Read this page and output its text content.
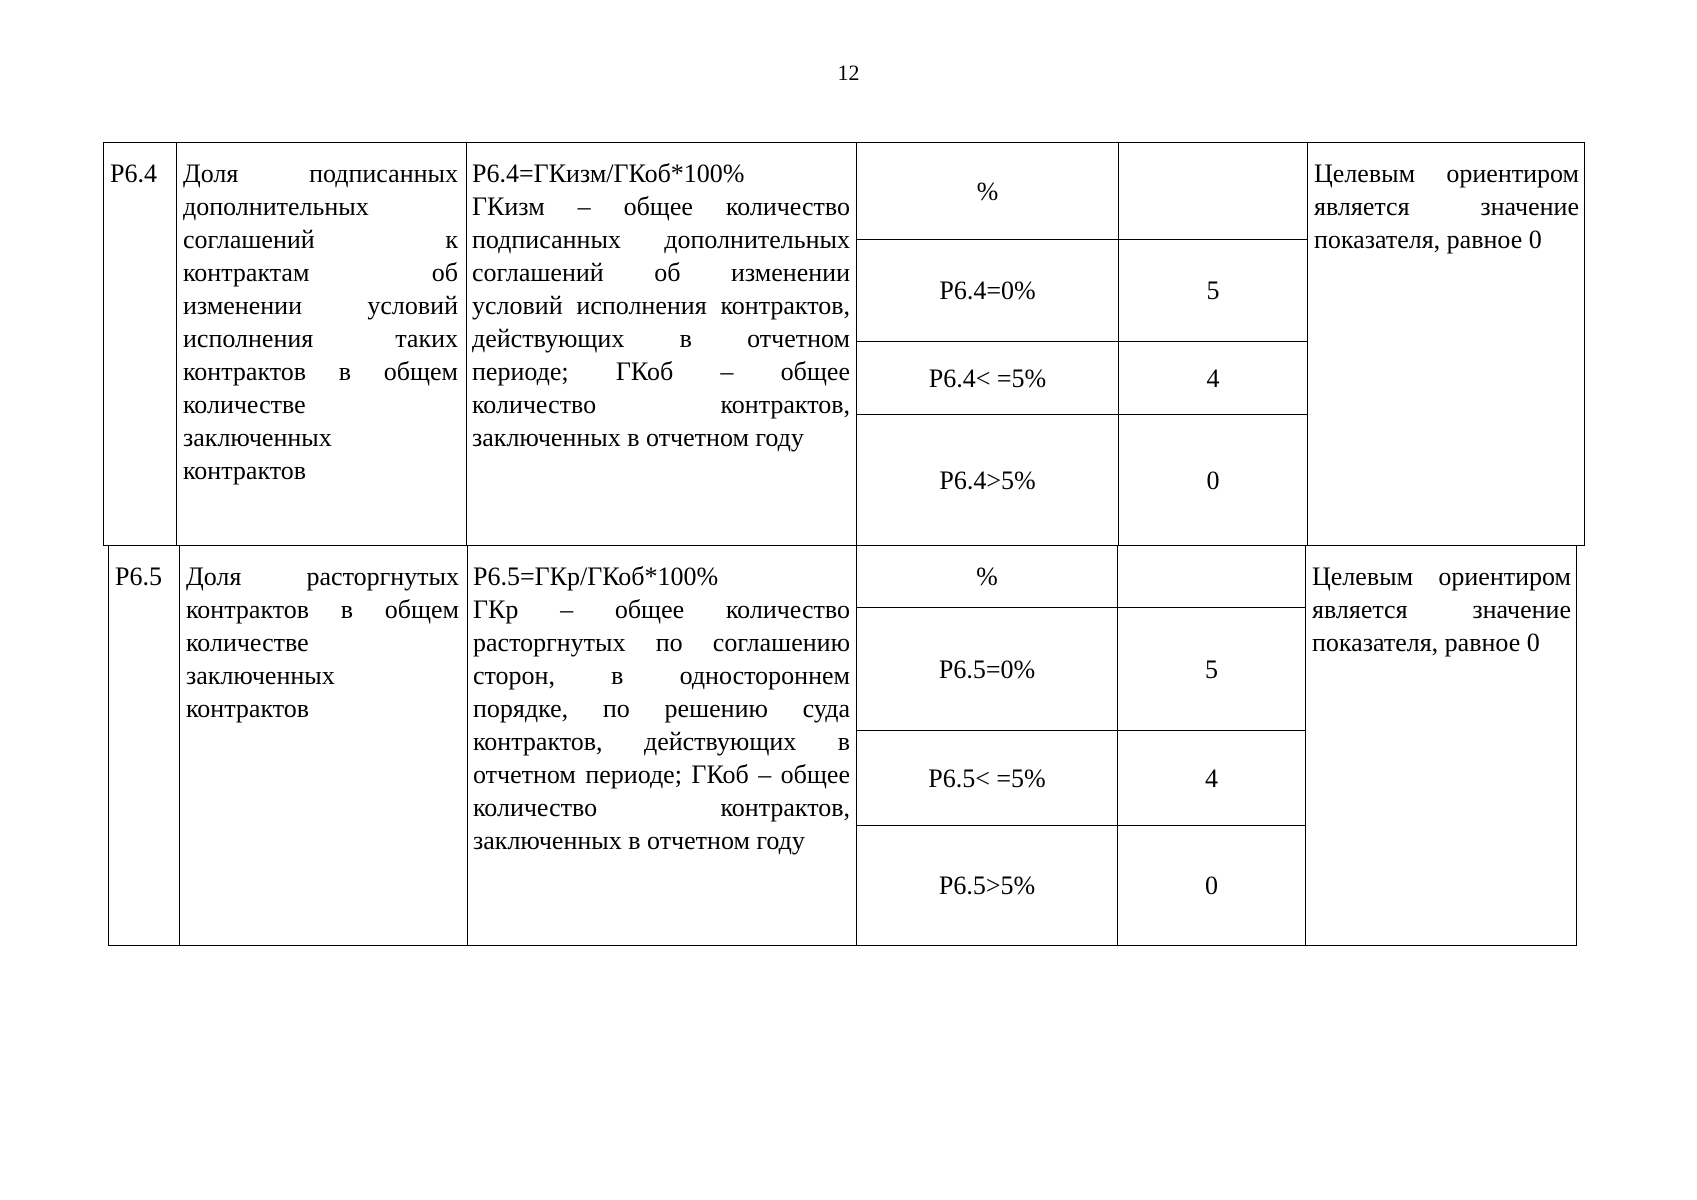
12
Р6.4	Доля подписанных дополнительных соглашений к контрактам об изменении условий исполнения таких контрактов в общем количестве заключенных контрактов	Р6.4=ГКизм/ГКоб*100%
ГКизм – общее количество подписанных дополнительных соглашений об изменении условий исполнения контрактов, действующих в отчетном периоде; ГКоб – общее количество контрактов, заключенных в отчетном году	%		Целевым ориентиром является значение показателя, равное 0
			Р6.4=0%	5	
			Р6.4< =5%	4	
			Р6.4>5%	0	
Р6.5	Доля расторгнутых контрактов в общем количестве заключенных контрактов	Р6.5=ГКр/ГКоб*100%
ГКр – общее количество расторгнутых по соглашению сторон, в одностороннем порядке, по решению суда контрактов, действующих в отчетном периоде; ГКоб – общее количество контрактов, заключенных в отчетном году	%		Целевым ориентиром является значение показателя, равное 0
			Р6.5=0%	5	
			Р6.5< =5%	4	
			Р6.5>5%	0	
